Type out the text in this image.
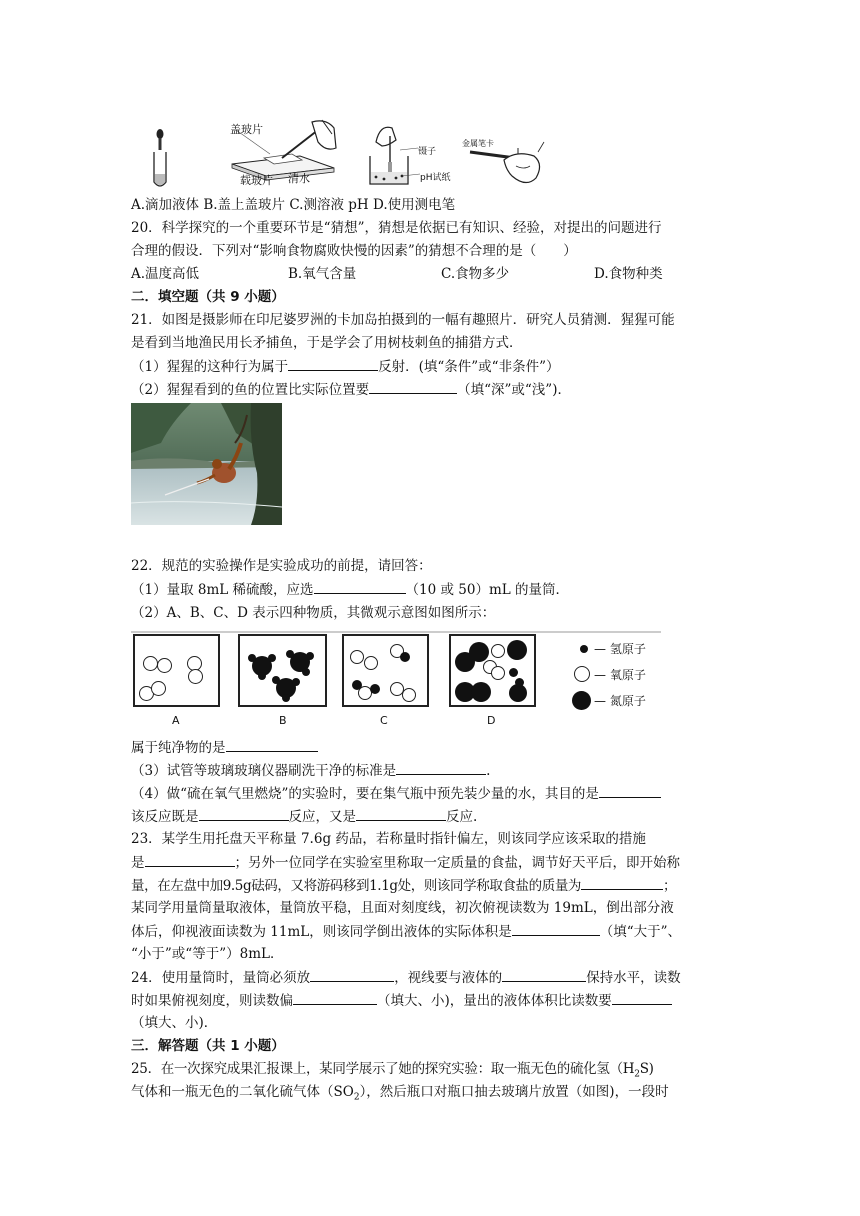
盖玻片
载玻片 清水
镊子
pH试纸
金属笔卡
A.滴加液体 B.盖上盖玻片 C.测溶液 pH D.使用测电笔
20．科学探究的一个重要环节是“猜想”，猜想是依据已有知识、经验，对提出的问题进行
合理的假设．下列对“影响食物腐败快慢的因素”的猜想不合理的是（　　）
A.温度高低	B.氧气含量	C.食物多少	D.食物种类
二．填空题（共 9 小题）
21．如图是摄影师在印尼婆罗洲的卡加岛拍摄到的一幅有趣照片．研究人员猜测．猩猩可能
是看到当地渔民用长矛捕鱼，于是学会了用树枝刺鱼的捕猎方式．
（1）猩猩的这种行为属于	反射．(填“条件”或“非条件”）
（2）猩猩看到的鱼的位置比实际位置要	（填“深”或“浅”)．
22．规范的实验操作是实验成功的前提，请回答：
（1）量取 8mL 稀硫酸，应选	（10 或 50）mL 的量筒．
（2）A、B、C、D 表示四种物质，其微观示意图如图所示：
A	B	C	D
— 氢原子
— 氧原子
— 氮原子
属于纯净物的是
（3）试管等玻璃玻璃仪器刷洗干净的标准是	.
（4）做“硫在氧气里燃烧”的实验时，要在集气瓶中预先装少量的水，其目的是
该反应既是	反应，又是	反应.
23．某学生用托盘天平称量 7.6g 药品，若称量时指针偏左，则该同学应该采取的措施
是	；另外一位同学在实验室里称取一定质量的食盐，调节好天平后，即开始称
量，在左盘中加9.5g砝码，又将游码移到1.1g处，则该同学称取食盐的质量为	；
某同学用量筒量取液体，量筒放平稳，且面对刻度线，初次俯视读数为 19mL，倒出部分液
体后，仰视液面读数为 11mL，则该同学倒出液体的实际体积是	（填“大于”、
“小于”或“等于”）8mL．
24．使用量筒时，量筒必须放	，视线要与液体的	保持水平，读数
时如果俯视刻度，则读数偏	（填大、小)，量出的液体体积比读数要
（填大、小)．
三．解答题（共 1 小题）
25．在一次探究成果汇报课上，某同学展示了她的探究实验：取一瓶无色的硫化氢$(H_2S)$
气体和一瓶无色的二氧化硫气体$(SO_2)$，然后瓶口对瓶口抽去玻璃片放置（如图)，一段时
